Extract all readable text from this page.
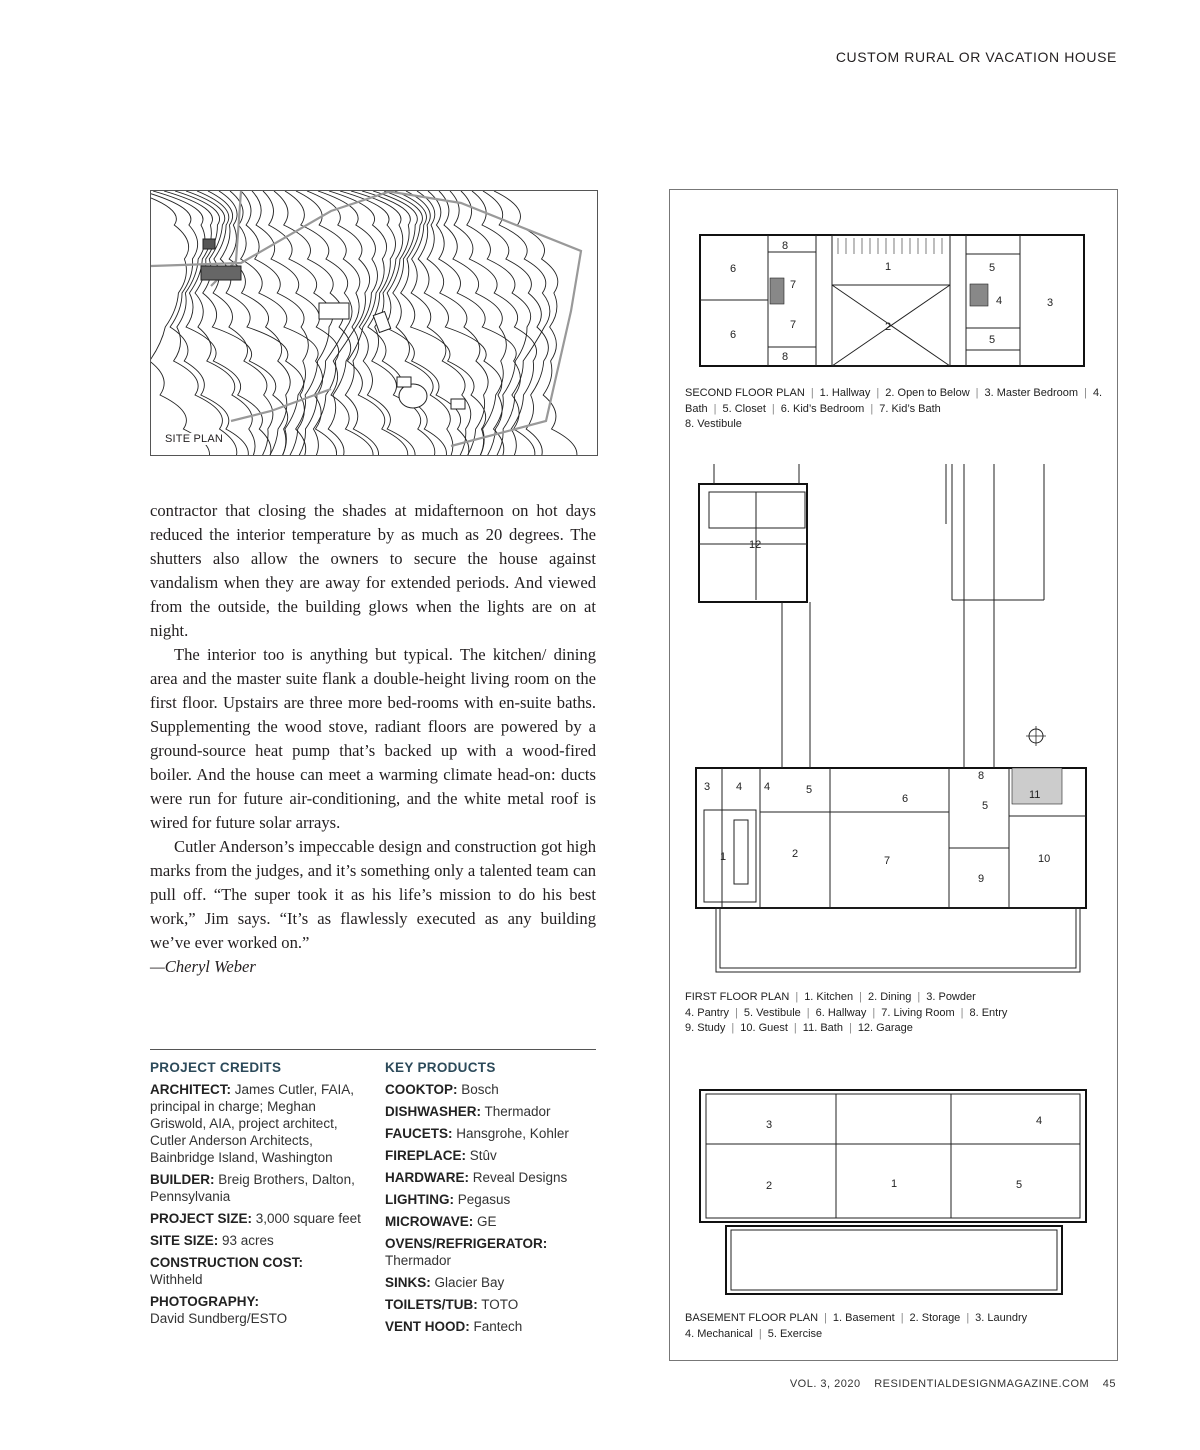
CUSTOM RURAL OR VACATION HOUSE
SITE PLAN

contractor that closing the shades at midafternoon on hot days reduced the interior temperature by as much as 20 degrees. The shutters also allow the owners to secure the house against vandalism when they are away for extended periods. And viewed from the outside, the building glows when the lights are on at night.

The interior too is anything but typical. The kitchen/ dining area and the master suite flank a double-height living room on the first floor. Upstairs are three more bed-rooms with en-suite baths. Supplementing the wood stove, radiant floors are powered by a ground-source heat pump that’s backed up with a wood-fired boiler. And the house can meet a warming climate head-on: ducts were run for future air-conditioning, and the white metal roof is wired for future solar arrays.

Cutler Anderson’s impeccable design and construction got high marks from the judges, and it’s something only a talented team can pull off. “The super took it as his life’s mission to do his best work,” Jim says. “It’s as flawlessly executed as any building we’ve ever worked on.”

—Cheryl Weber

PROJECT CREDITS
ARCHITECT: James Cutler, FAIA, principal in charge; Meghan Griswold, AIA, project architect, Cutler Anderson Architects, Bainbridge Island, Washington
BUILDER: Breig Brothers, Dalton, Pennsylvania
PROJECT SIZE: 3,000 square feet
SITE SIZE: 93 acres
CONSTRUCTION COST:
Withheld
PHOTOGRAPHY:
David Sundberg/ESTO
KEY PRODUCTS
COOKTOP: Bosch
DISHWASHER: Thermador
FAUCETS: Hansgrohe, Kohler
FIREPLACE: Stûv
HARDWARE: Reveal Designs
LIGHTING: Pegasus
MICROWAVE: GE
OVENS/REFRIGERATOR:
Thermador
SINKS: Glacier Bay
TOILETS/TUB: TOTO
VENT HOOD: Fantech
1
2
3
4
5
5
6
6
7
7
8
8
SECOND FLOOR PLAN | 1. Hallway | 2. Open to Below | 3. Master Bedroom | 4. Bath | 5. Closet | 6. Kid’s Bedroom | 7. Kid’s Bath
8. Vestibule
1	2
3 4 4	5
5
6
7
8
9
10
11
12
FIRST FLOOR PLAN | 1. Kitchen | 2. Dining | 3. Powder
4. Pantry | 5. Vestibule | 6. Hallway | 7. Living Room | 8. Entry
9. Study | 10. Guest | 11. Bath | 12. Garage
3	4
2	1	5
BASEMENT FLOOR PLAN | 1. Basement | 2. Storage | 3. Laundry
4. Mechanical | 5. Exercise
VOL. 3, 2020 RESIDENTIALDESIGNMAGAZINE.COM 45
